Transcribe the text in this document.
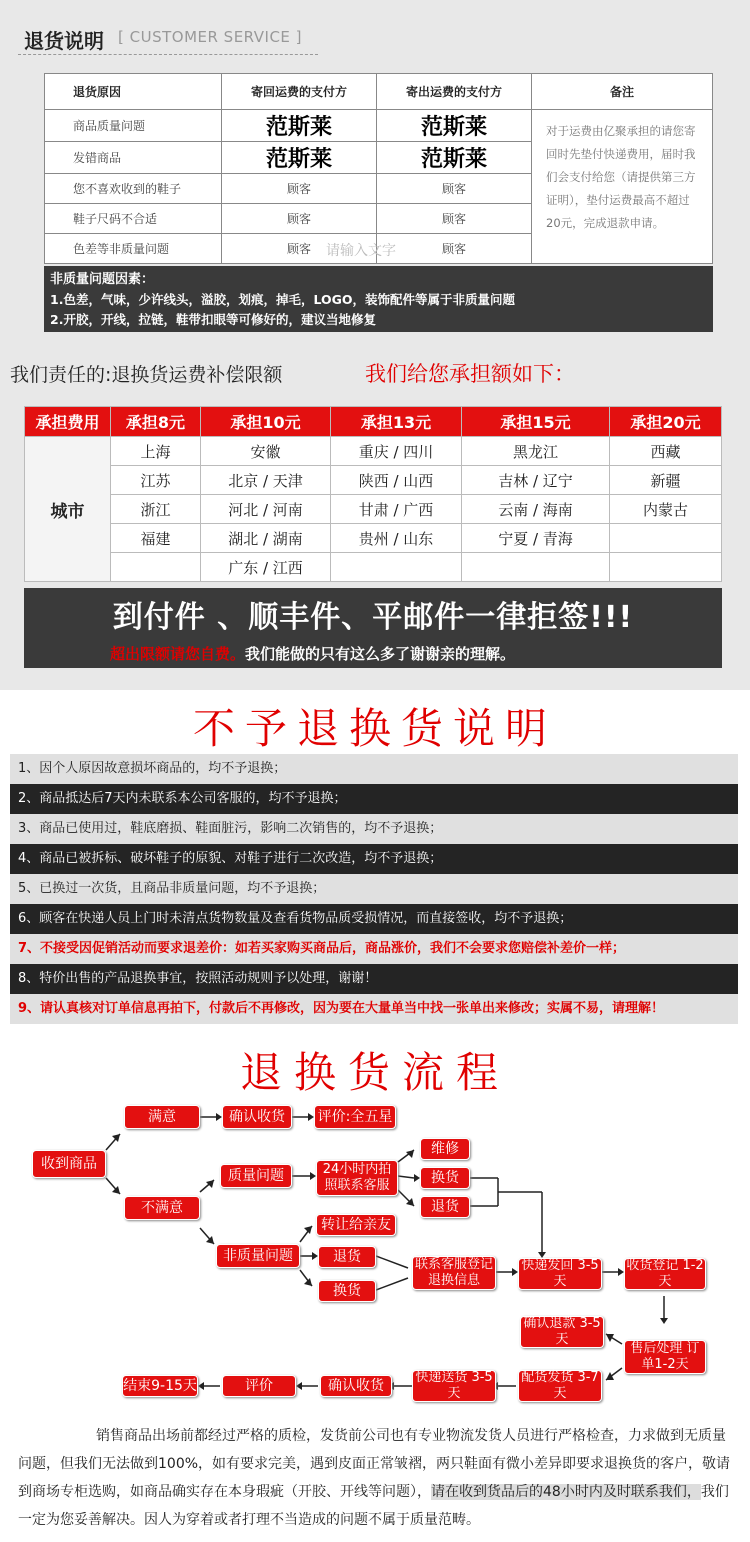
退货说明 [ CUSTOMER SERVICE ]
退货原因	寄回运费的支付方	寄出运费的支付方	备注
商品质量问题	范斯莱	范斯莱	对于运费由亿聚承担的请您寄回时先垫付快递费用，届时我们会支付给您（请提供第三方证明），垫付运费最高不超过20元，完成退款申请。
发错商品	范斯莱	范斯莱	
您不喜欢收到的鞋子	顾客	顾客	
鞋子尺码不合适	顾客	顾客	
色差等非质量问题	顾客	顾客	
请输入文字
非质量问题因素：
1.色差，气味，少许线头，溢胶，划痕，掉毛，LOGO，装饰配件等属于非质量问题
2.开胶，开线，拉链，鞋带扣眼等可修好的，建议当地修复
我们责任的:退换货运费补偿限额	我们给您承担额如下：
承担费用	承担8元	承担10元	承担13元	承担15元	承担20元
城市	上海	安徽	重庆 / 四川	黑龙江	西藏
	江苏	北京 / 天津	陕西 / 山西	吉林 / 辽宁	新疆
	浙江	河北 / 河南	甘肃 / 广西	云南 / 海南	内蒙古
	福建	湖北 / 湖南	贵州 / 山东	宁夏 / 青海	
		广东 / 江西			
到付件 、顺丰件、平邮件一律拒签!!!
超出限额请您自费。我们能做的只有这么多了谢谢亲的理解。
不予退换货说明
1、因个人原因故意损坏商品的，均不予退换；
2、商品抵达后7天内未联系本公司客服的，均不予退换；
3、商品已使用过，鞋底磨损、鞋面脏污，影响二次销售的，均不予退换；
4、商品已被拆标、破坏鞋子的原貌、对鞋子进行二次改造，均不予退换；
5、已换过一次货，且商品非质量问题，均不予退换；
6、顾客在快递人员上门时未清点货物数量及查看货物品质受损情况，而直接签收，均不予退换；
7、不接受因促销活动而要求退差价：如若买家购买商品后，商品涨价，我们不会要求您赔偿补差价一样；
8、特价出售的产品退换事宜，按照活动规则予以处理，谢谢！
9、请认真核对订单信息再拍下，付款后不再修改，因为要在大量单当中找一张单出来修改；实属不易，请理解！
退换货流程
收到商品
满意	确认收货	评价:全五星
不满意
质量问题	24小时内拍照联系客服
维修
换货
退货
非质量问题
转让给亲友
退货
换货
联系客服登记退换信息
快递发回 3-5天
收货登记 1-2天
确认退款 3-5天
售后处理 订单1-2天
配货发货 3-7天
快递送货 3-5天
确认收货
评价
结束9-15天
销售商品出场前都经过严格的质检，发货前公司也有专业物流发货人员进行严格检查，力求做到无质量问题，但我们无法做到100%，如有要求完美，遇到皮面正常皱褶，两只鞋面有微小差异即要求退换货的客户，敬请到商场专柜选购，如商品确实存在本身瑕疵（开胶、开线等问题），请在收到货品后的48小时内及时联系我们，我们一定为您妥善解决。因人为穿着或者打理不当造成的问题不属于质量范畴。
